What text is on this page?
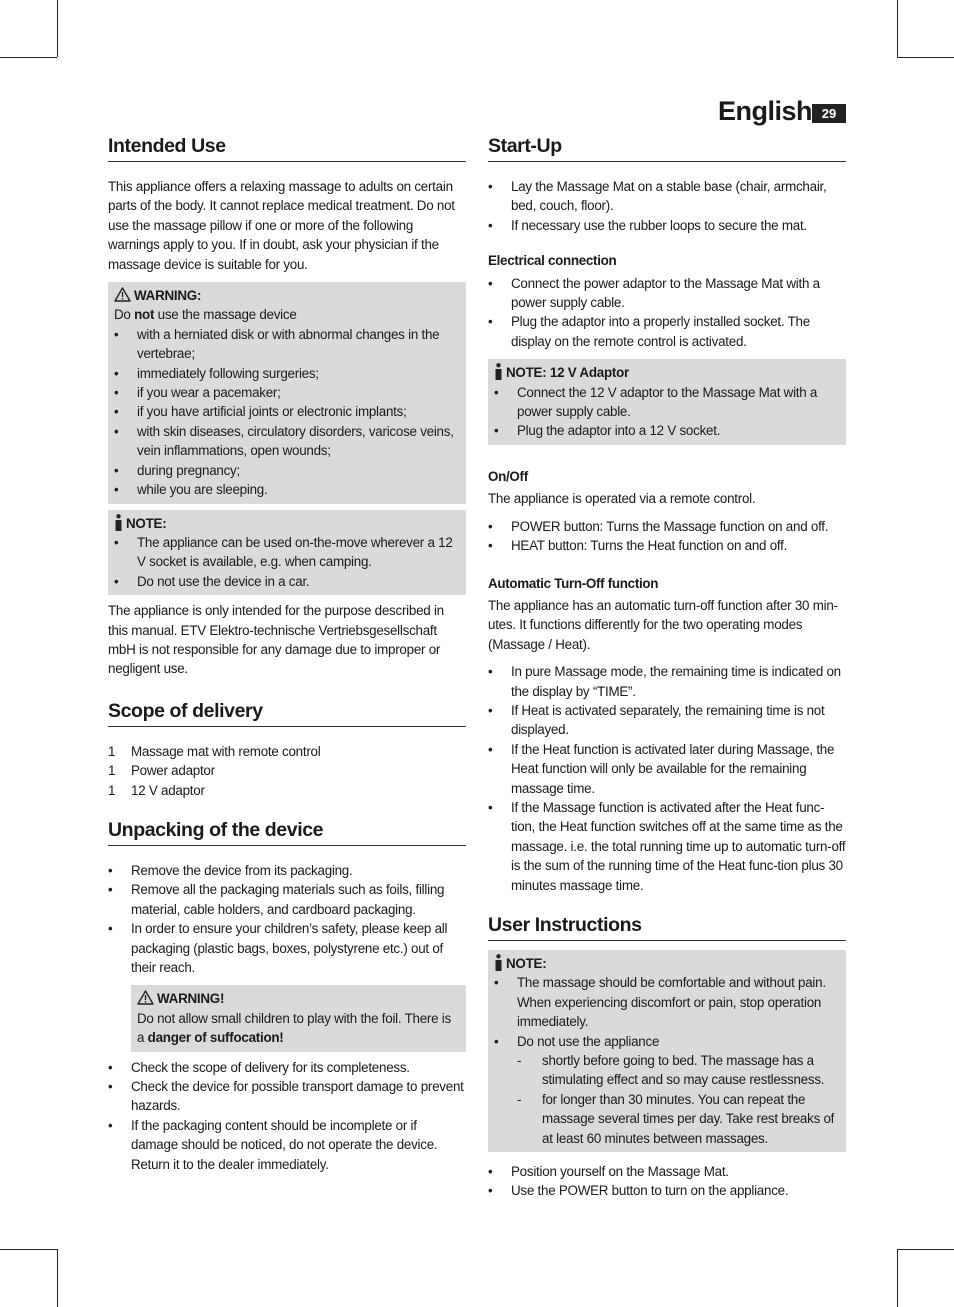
English 29
Intended Use

This appliance offers a relaxing massage to adults on certain parts of the body. It cannot replace medical treatment. Do not use the massage pillow if one or more of the following warnings apply to you. If in doubt, ask your physician if the massage device is suitable for you.

WARNING:
Do not use the massage device
• with a herniated disk or with abnormal changes in the vertebrae;
• immediately following surgeries;
• if you wear a pacemaker;
• if you have artificial joints or electronic implants;
• with skin diseases, circulatory disorders, varicose veins, vein inflammations, open wounds;
• during pregnancy;
• while you are sleeping.
NOTE:
• The appliance can be used on-the-move wherever a 12 V socket is available, e.g. when camping.
• Do not use the device in a car.

The appliance is only intended for the purpose described in this manual. ETV Elektro-technische Vertriebsgesellschaft mbH is not responsible for any damage due to improper or negligent use.

Scope of delivery
1 Massage mat with remote control
1 Power adaptor
1 12 V adaptor
Unpacking of the device
• Remove the device from its packaging.
• Remove all the packaging materials such as foils, filling material, cable holders, and cardboard packaging.
• In order to ensure your children’s safety, please keep all packaging (plastic bags, boxes, polystyrene etc.) out of their reach.
WARNING!
Do not allow small children to play with the foil. There is a danger of suffocation!
• Check the scope of delivery for its completeness.
• Check the device for possible transport damage to prevent hazards.
• If the packaging content should be incomplete or if damage should be noticed, do not operate the device. Return it to the dealer immediately.
Start-Up
• Lay the Massage Mat on a stable base (chair, armchair, bed, couch, floor).
• If necessary use the rubber loops to secure the mat.
Electrical connection
• Connect the power adaptor to the Massage Mat with a power supply cable.
• Plug the adaptor into a properly installed socket. The display on the remote control is activated.
NOTE: 12 V Adaptor
• Connect the 12 V adaptor to the Massage Mat with a power supply cable.
• Plug the adaptor into a 12 V socket.
On/Off

The appliance is operated via a remote control.

• POWER button: Turns the Massage function on and off.
• HEAT button: Turns the Heat function on and off.
Automatic Turn-Off function

The appliance has an automatic turn-off function after 30 min-utes. It functions differently for the two operating modes (Massage / Heat).

• In pure Massage mode, the remaining time is indicated on the display by “TIME”.
• If Heat is activated separately, the remaining time is not displayed.
• If the Heat function is activated later during Massage, the Heat function will only be available for the remaining massage time.
• If the Massage function is activated after the Heat func-tion, the Heat function switches off at the same time as the massage. i.e. the total running time up to automatic turn-off is the sum of the running time of the Heat func-tion plus 30 minutes massage time.
User Instructions
NOTE:
• The massage should be comfortable and without pain. When experiencing discomfort or pain, stop operation immediately.
• Do not use the appliance
- shortly before going to bed. The massage has a stimulating effect and so may cause restlessness.
- for longer than 30 minutes. You can repeat the massage several times per day. Take rest breaks of at least 60 minutes between massages.
• Position yourself on the Massage Mat.
• Use the POWER button to turn on the appliance.
